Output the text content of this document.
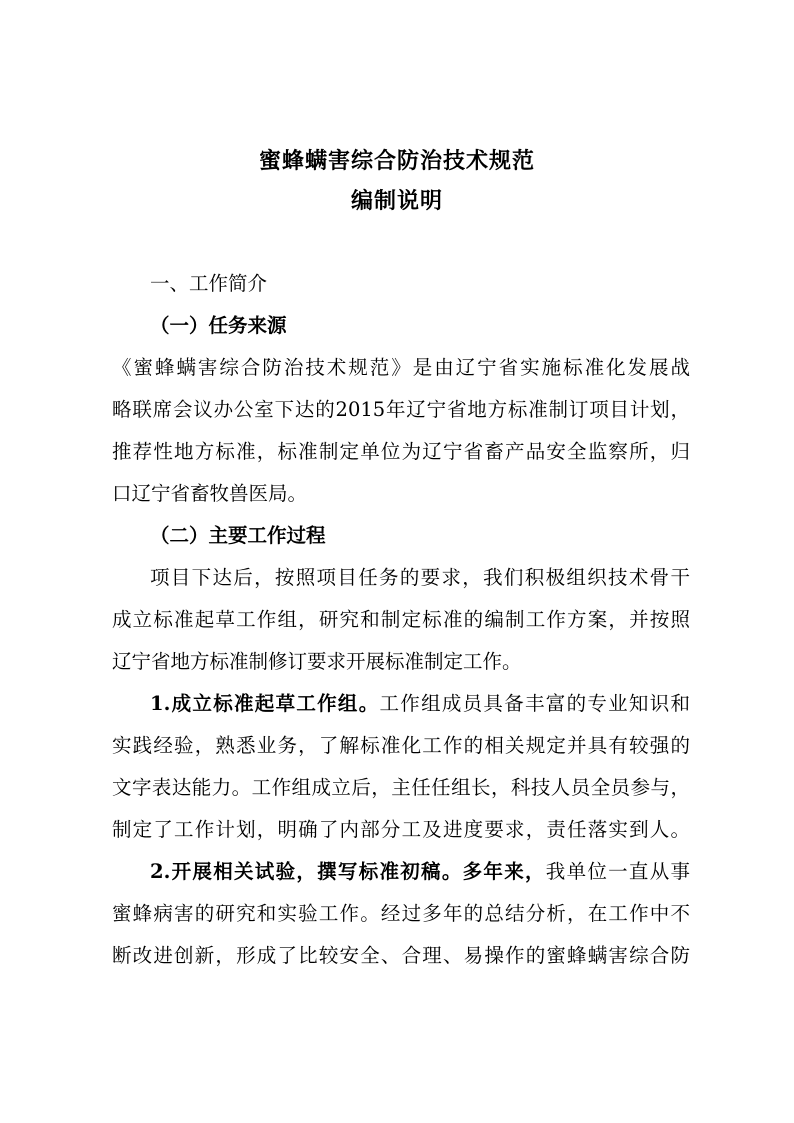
蜜蜂螨害综合防治技术规范
编制说明
一、工作简介
（一）任务来源
《蜜蜂螨害综合防治技术规范》是由辽宁省实施标准化发展战
略联席会议办公室下达的2015年辽宁省地方标准制订项目计划，
推荐性地方标准，标准制定单位为辽宁省畜产品安全监察所，归
口辽宁省畜牧兽医局。
（二）主要工作过程
项目下达后，按照项目任务的要求，我们积极组织技术骨干
成立标准起草工作组，研究和制定标准的编制工作方案，并按照
辽宁省地方标准制修订要求开展标准制定工作。
1.成立标准起草工作组。工作组成员具备丰富的专业知识和
实践经验，熟悉业务，了解标准化工作的相关规定并具有较强的
文字表达能力。工作组成立后，主任任组长，科技人员全员参与，
制定了工作计划，明确了内部分工及进度要求，责任落实到人。
2.开展相关试验，撰写标准初稿。多年来，我单位一直从事
蜜蜂病害的研究和实验工作。经过多年的总结分析，在工作中不
断改进创新，形成了比较安全、合理、易操作的蜜蜂螨害综合防
